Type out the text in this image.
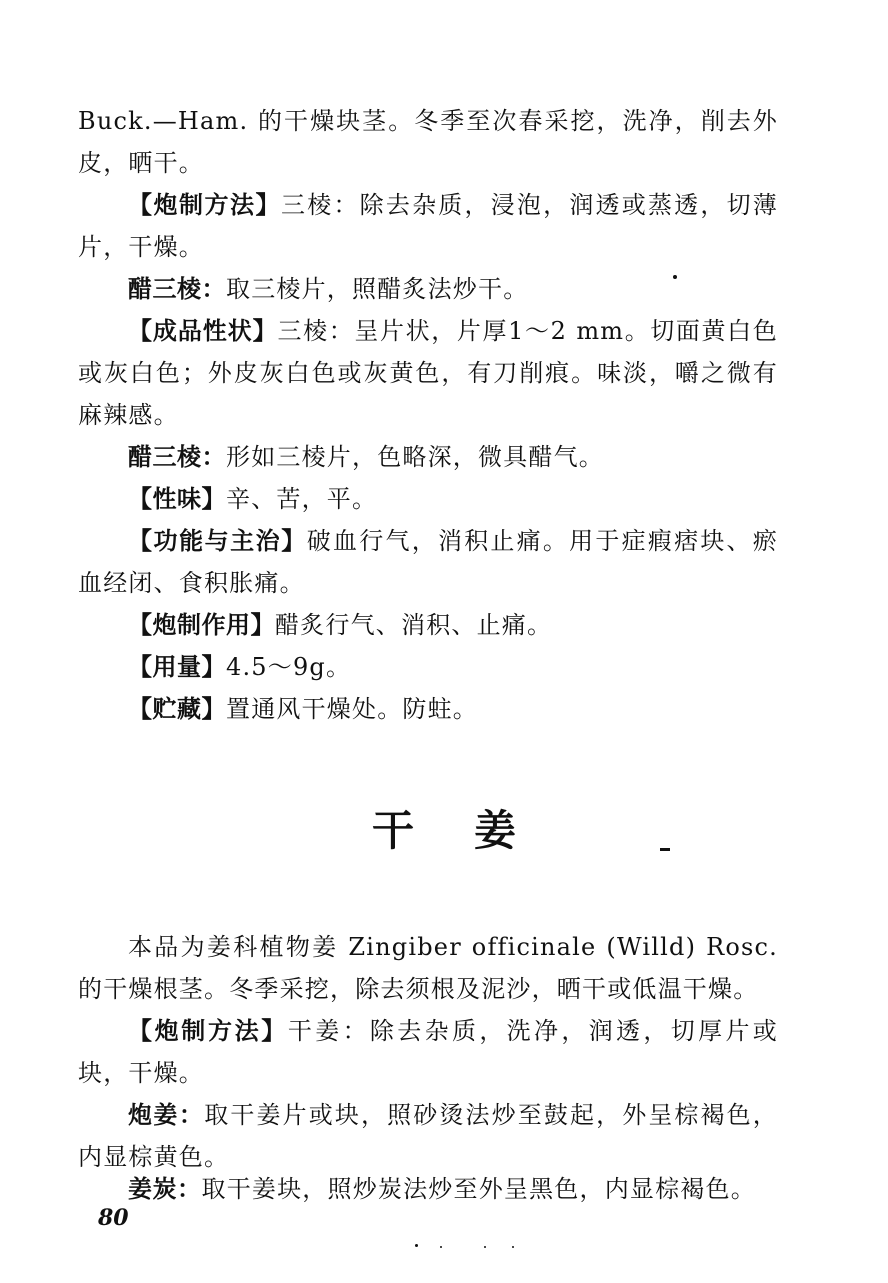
Buck.—Ham. 的干燥块茎。冬季至次春采挖，洗净，削去外皮，晒干。

【炮制方法】三棱：除去杂质，浸泡，润透或蒸透，切薄片，干燥。

醋三棱：取三棱片，照醋炙法炒干。

【成品性状】三棱：呈片状，片厚1～2 mm。切面黄白色或灰白色；外皮灰白色或灰黄色，有刀削痕。味淡，嚼之微有麻辣感。

醋三棱：形如三棱片，色略深，微具醋气。

【性味】辛、苦，平。

【功能与主治】破血行气，消积止痛。用于症瘕痞块、瘀血经闭、食积胀痛。

【炮制作用】醋炙行气、消积、止痛。

【用量】4.5～9g。

【贮藏】置通风干燥处。防蛀。

干 姜

本品为姜科植物姜 Zingiber officinale (Willd) Rosc. 的干燥根茎。冬季采挖，除去须根及泥沙，晒干或低温干燥。

【炮制方法】干姜：除去杂质，洗净，润透，切厚片或块，干燥。

炮姜：取干姜片或块，照砂烫法炒至鼓起，外呈棕褐色，内显棕黄色。

姜炭：取干姜块，照炒炭法炒至外呈黑色，内显棕褐色。

80
